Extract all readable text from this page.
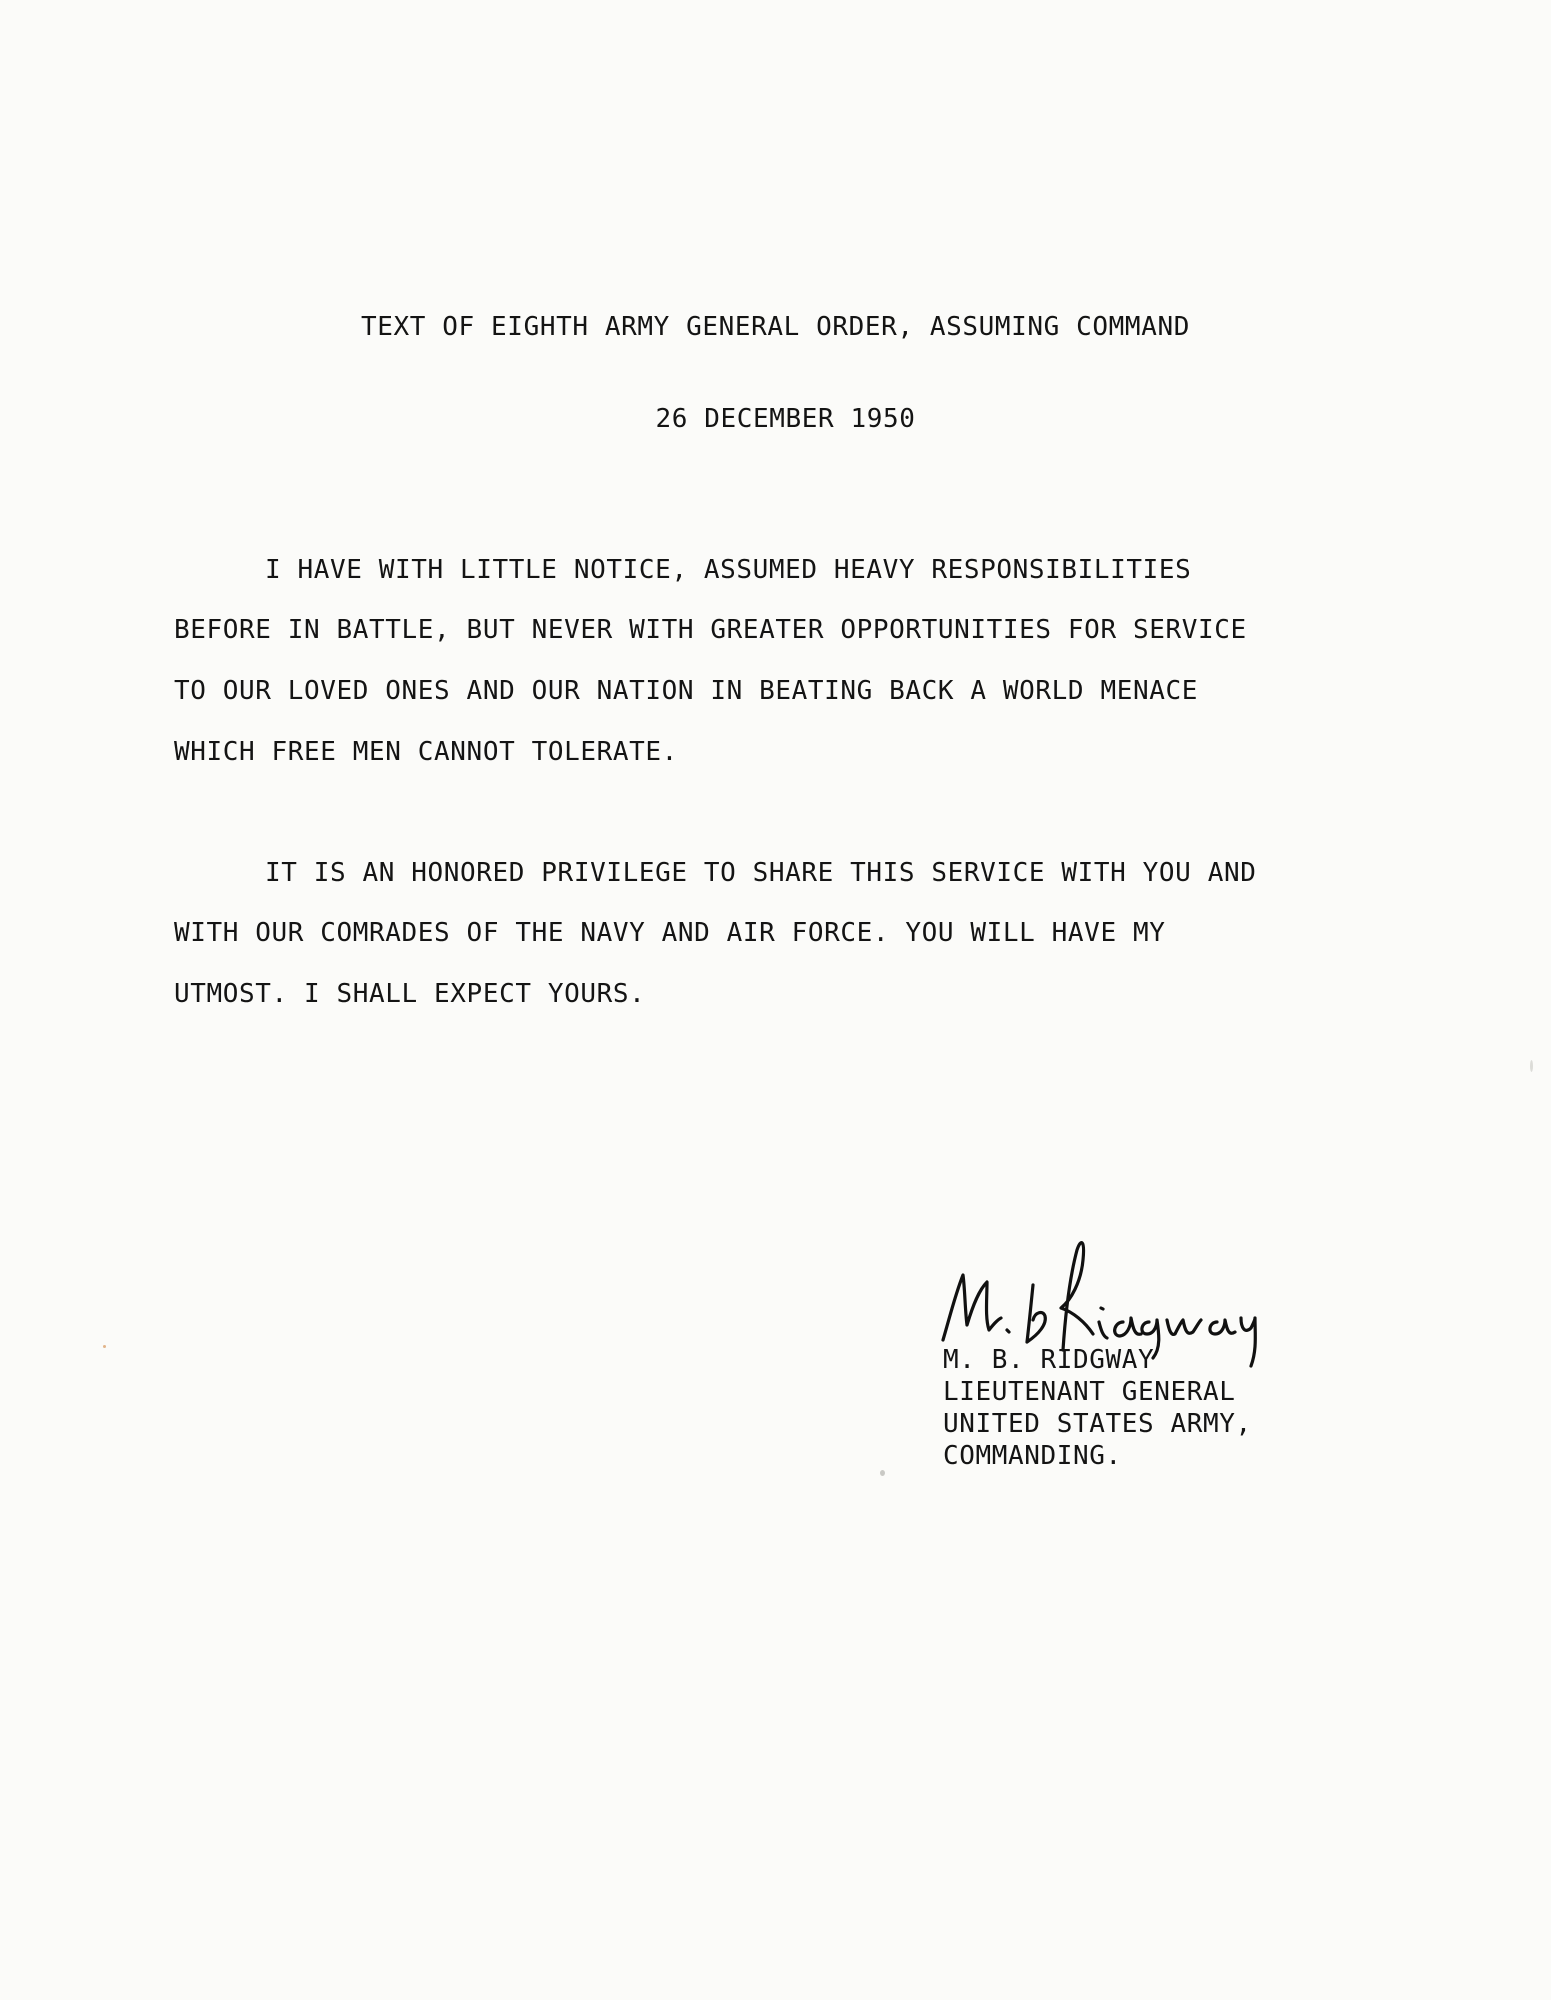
TEXT OF EIGHTH ARMY GENERAL ORDER, ASSUMING COMMAND
26 DECEMBER 1950
I HAVE WITH LITTLE NOTICE, ASSUMED HEAVY RESPONSIBILITIES
BEFORE IN BATTLE, BUT NEVER WITH GREATER OPPORTUNITIES FOR SERVICE
TO OUR LOVED ONES AND OUR NATION IN BEATING BACK A WORLD MENACE
WHICH FREE MEN CANNOT TOLERATE.
IT IS AN HONORED PRIVILEGE TO SHARE THIS SERVICE WITH YOU AND
WITH OUR COMRADES OF THE NAVY AND AIR FORCE. YOU WILL HAVE MY
UTMOST. I SHALL EXPECT YOURS.
M. B. RIDGWAY
LIEUTENANT GENERAL
UNITED STATES ARMY,
COMMANDING.
